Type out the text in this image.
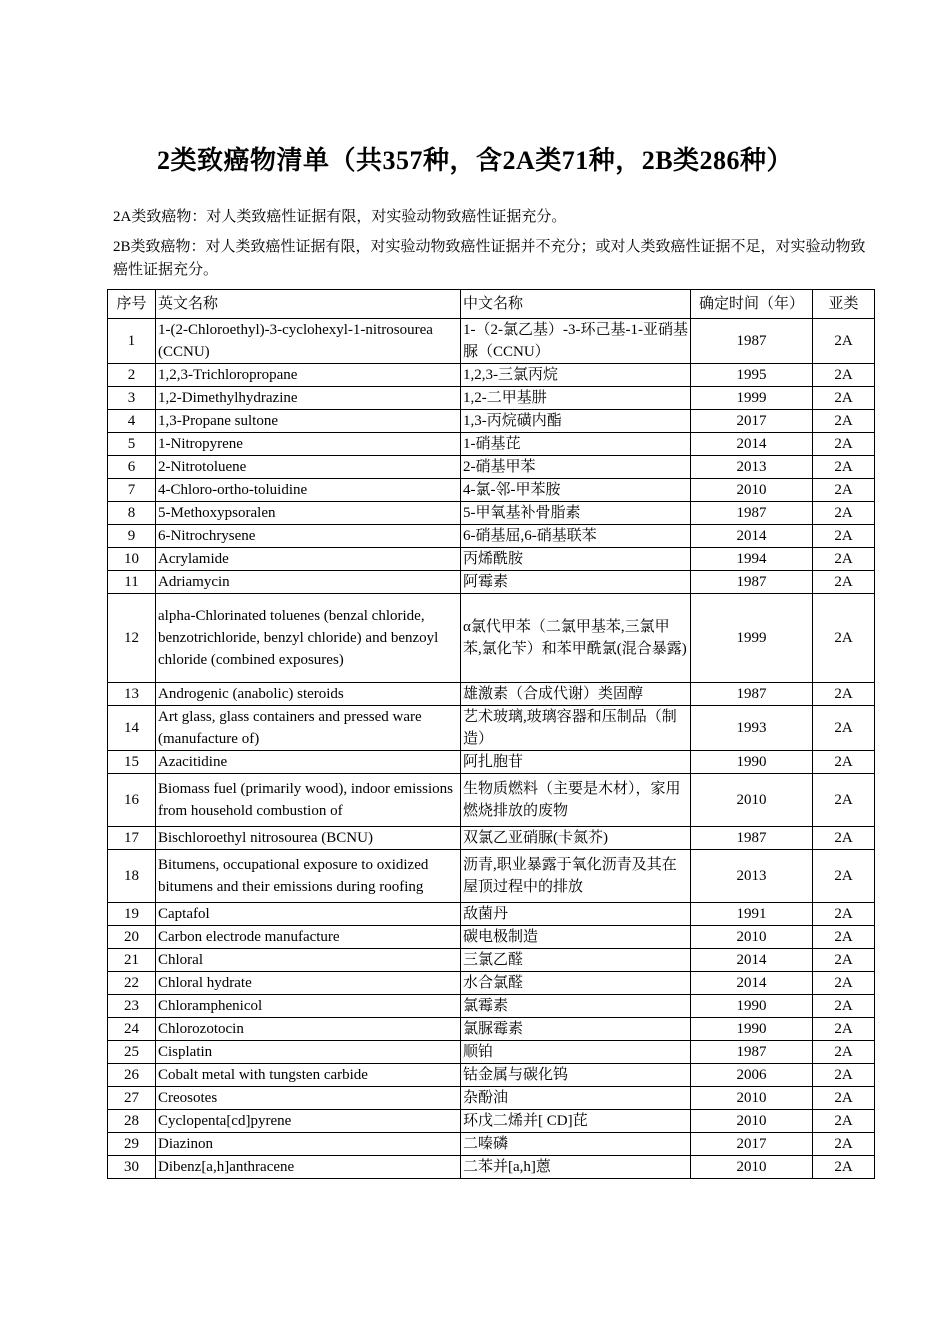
2类致癌物清单（共357种，含2A类71种，2B类286种）
2A类致癌物：对人类致癌性证据有限，对实验动物致癌性证据充分。
2B类致癌物：对人类致癌性证据有限，对实验动物致癌性证据并不充分；或对人类致癌性证据不足，对实验动物致癌性证据充分。
序号	英文名称	中文名称	确定时间（年）	亚类
1	1-(2-Chloroethyl)-3-cyclohexyl-1-nitrosourea (CCNU)	1-（2-氯乙基）-3-环己基-1-亚硝基脲（CCNU）	1987	2A
2	1,2,3-Trichloropropane	1,2,3-三氯丙烷	1995	2A
3	1,2-Dimethylhydrazine	1,2-二甲基肼	1999	2A
4	1,3-Propane sultone	1,3-丙烷磺内酯	2017	2A
5	1-Nitropyrene	1-硝基芘	2014	2A
6	2-Nitrotoluene	2-硝基甲苯	2013	2A
7	4-Chloro-ortho-toluidine	4-氯-邻-甲苯胺	2010	2A
8	5-Methoxypsoralen	5-甲氧基补骨脂素	1987	2A
9	6-Nitrochrysene	6-硝基屈,6-硝基联苯	2014	2A
10	Acrylamide	丙烯酰胺	1994	2A
11	Adriamycin	阿霉素	1987	2A
12	alpha-Chlorinated toluenes (benzal chloride, benzotrichloride, benzyl chloride) and benzoyl chloride (combined exposures)	α氯代甲苯（二氯甲基苯,三氯甲苯,氯化苄）和苯甲酰氯(混合暴露)	1999	2A
13	Androgenic (anabolic) steroids	雄激素（合成代谢）类固醇	1987	2A
14	Art glass, glass containers and pressed ware (manufacture of)	艺术玻璃,玻璃容器和压制品（制造）	1993	2A
15	Azacitidine	阿扎胞苷	1990	2A
16	Biomass fuel (primarily wood), indoor emissions from household combustion of	生物质燃料（主要是木材），家用燃烧排放的废物	2010	2A
17	Bischloroethyl nitrosourea (BCNU)	双氯乙亚硝脲(卡氮芥)	1987	2A
18	Bitumens, occupational exposure to oxidized bitumens and their emissions during roofing	沥青,职业暴露于氧化沥青及其在屋顶过程中的排放	2013	2A
19	Captafol	敌菌丹	1991	2A
20	Carbon electrode manufacture	碳电极制造	2010	2A
21	Chloral	三氯乙醛	2014	2A
22	Chloral hydrate	水合氯醛	2014	2A
23	Chloramphenicol	氯霉素	1990	2A
24	Chlorozotocin	氯脲霉素	1990	2A
25	Cisplatin	顺铂	1987	2A
26	Cobalt metal with tungsten carbide	钴金属与碳化钨	2006	2A
27	Creosotes	杂酚油	2010	2A
28	Cyclopenta[cd]pyrene	环戊二烯并[ CD]芘	2010	2A
29	Diazinon	二嗪磷	2017	2A
30	Dibenz[a,h]anthracene	二苯并[a,h]蒽	2010	2A
